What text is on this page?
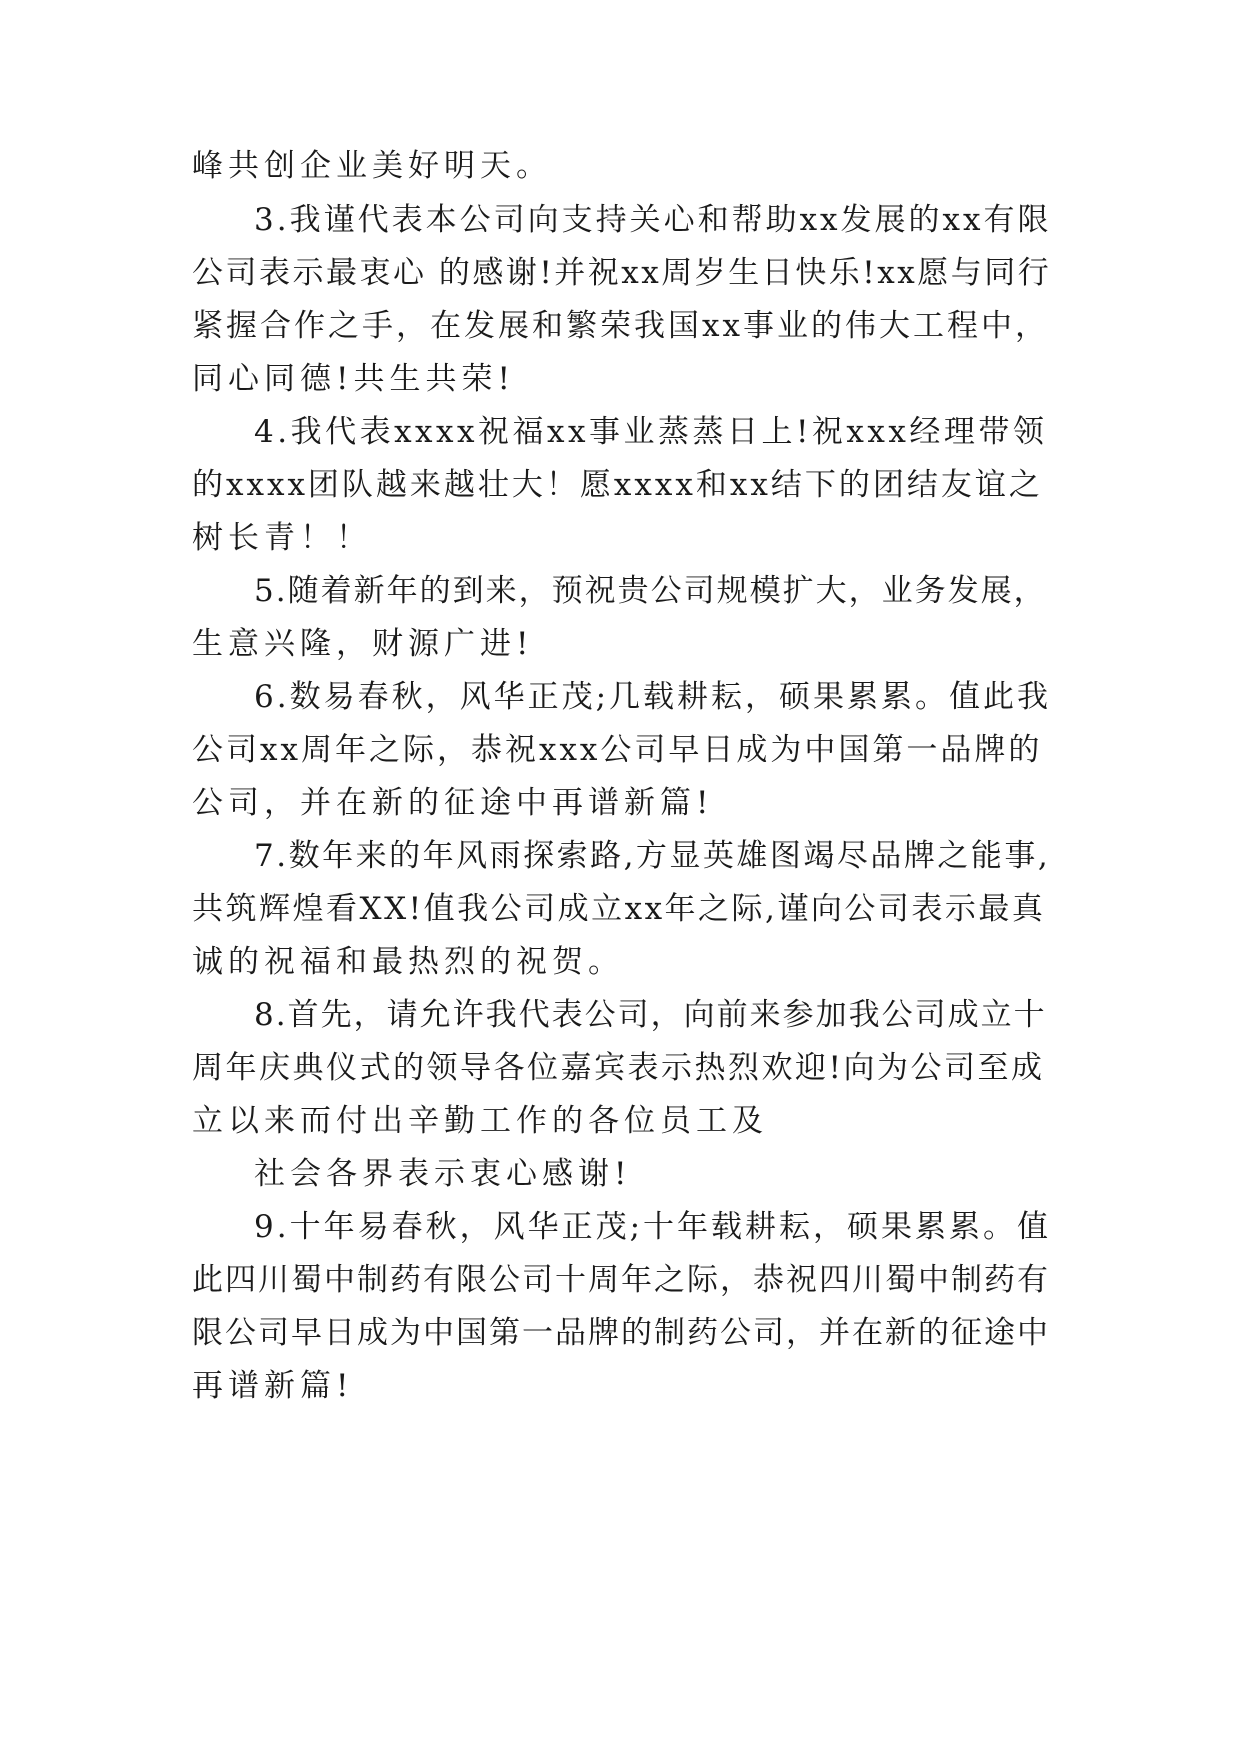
峰共创企业美好明天。
3.我谨代表本公司向支持关心和帮助xx发展的xx有限
公司表示最衷心 的感谢!并祝xx周岁生日快乐!xx愿与同行
紧握合作之手，在发展和繁荣我国xx事业的伟大工程中，
同心同德!共生共荣!
4.我代表xxxx祝福xx事业蒸蒸日上!祝xxx经理带领
的xxxx团队越来越壮大！愿xxxx和xx结下的团结友谊之
树长青！！
5.随着新年的到来，预祝贵公司规模扩大，业务发展，
生意兴隆，财源广进!
6.数易春秋，风华正茂;几载耕耘，硕果累累。值此我
公司xx周年之际，恭祝xxx公司早日成为中国第一品牌的
公司，并在新的征途中再谱新篇!
7.数年来的年风雨探索路,方显英雄图竭尽品牌之能事,
共筑辉煌看XX!值我公司成立xx年之际,谨向公司表示最真
诚的祝福和最热烈的祝贺。
8.首先，请允许我代表公司，向前来参加我公司成立十
周年庆典仪式的领导各位嘉宾表示热烈欢迎!向为公司至成
立以来而付出辛勤工作的各位员工及
社会各界表示衷心感谢!
9.十年易春秋，风华正茂;十年载耕耘，硕果累累。值
此四川蜀中制药有限公司十周年之际，恭祝四川蜀中制药有
限公司早日成为中国第一品牌的制药公司，并在新的征途中
再谱新篇!
